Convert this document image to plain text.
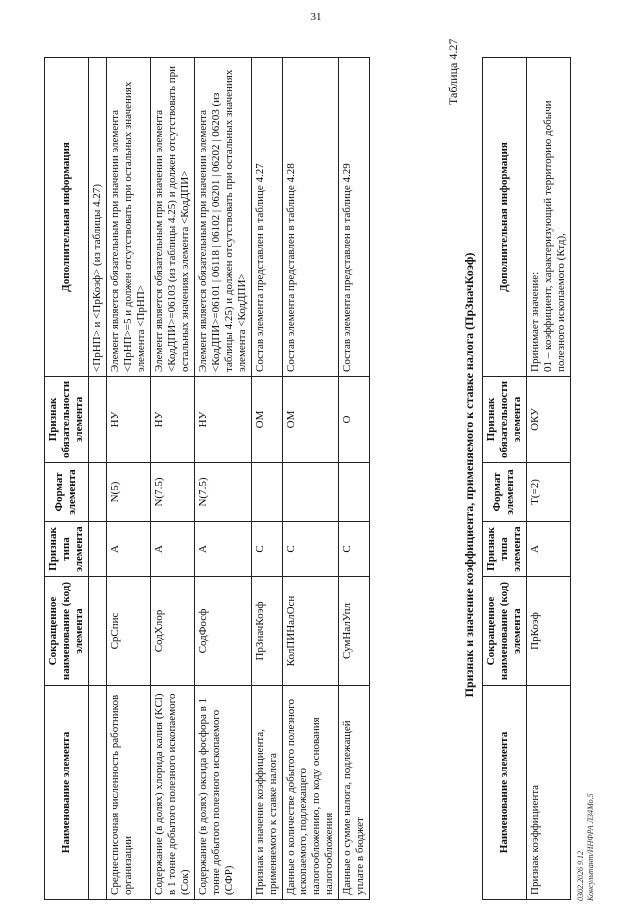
31
Наименование элемента	Сокращенное наименование (код) элемента	Признак типа элемента	Формат элемента	Признак обязательности элемента	Дополнительная информация
					<ПрНП> и <ПрКоэф> (из таблицы 4.27)
Среднесписочная численность работников организации	СрСпис	А	N(5)	НУ	Элемент является обязательным при значении элемента <ПрНП>=5 и должен отсутствовать при остальных значениях элемента <ПрНП>
Содержание (в долях) хлорида калия (KCl) в 1 тонне добытого полезного ископаемого (Сок)	СодХлор	А	N(7.5)	НУ	Элемент является обязательным при значении элемента <КодДПИ>=06103 (из таблицы 4.25) и должен отсутствовать при остальных значениях элемента <КодДПИ>
Содержание (в долях) оксида фосфора в 1 тонне добытого полезного ископаемого (СФР)	СодФосф	А	N(7.5)	НУ	Элемент является обязательным при значении элемента <КодДПИ>=06101 | 06118 | 06102 | 06201 | 06202 | 06203 (из таблицы 4.25) и должен отсутствовать при остальных значениях элемента <КодДПИ>
Признак и значение коэффициента, применяемого к ставке налога	ПрЗначКоэф	С		ОМ	Состав элемента представлен в таблице 4.27
Данные о количестве добытого полезного ископаемого, подлежащего налогообложению, по коду основания налогообложения	КолПИНалОсн	С		ОМ	Состав элемента представлен в таблице 4.28
Данные о сумме налога, подлежащей уплате в бюджет	СумНалУпл	С		О	Состав элемента представлен в таблице 4.29
Таблица 4.27
Признак и значение коэффициента, применяемого к ставке налога (ПрЗначКоэф)
Наименование элемента	Сокращенное наименование (код) элемента	Признак типа элемента	Формат элемента	Признак обязательности элемента	Дополнительная информация
Признак коэффициента	ПрКоэф	А	Т(=2)	ОКУ	Принимает значение:
01 – коэффициент, характеризующий территорию добычи полезного ископаемого (Ктд),
0302.2026 9.12 Консультант/ИНФРА ЛЗ4Мо.5
